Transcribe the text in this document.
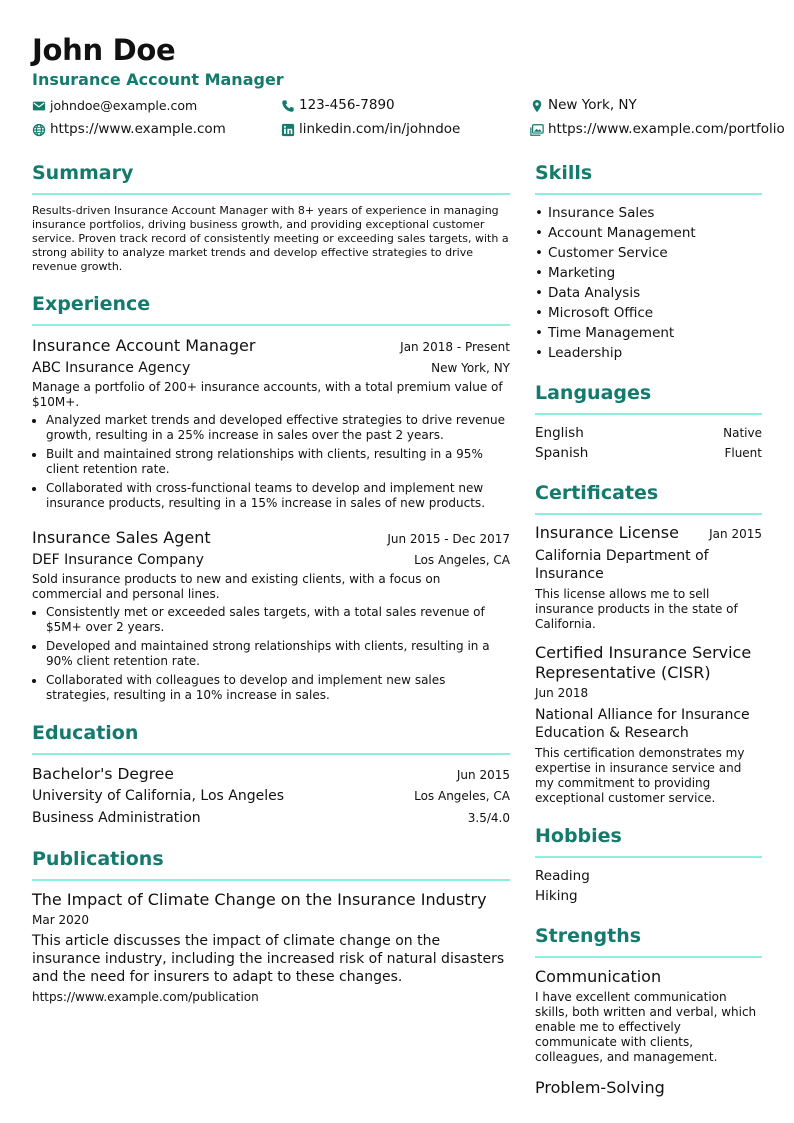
John Doe
Insurance Account Manager
johndoe@example.com	123-456-7890	New York, NY
https://www.example.com	linkedin.com/in/johndoe	https://www.example.com/portfolio
Summary
Results-driven Insurance Account Manager with 8+ years of experience in managing insurance portfolios, driving business growth, and providing exceptional customer service. Proven track record of consistently meeting or exceeding sales targets, with a strong ability to analyze market trends and develop effective strategies to drive revenue growth.
Experience
Insurance Account Manager	Jan 2018 - Present
ABC Insurance Agency	New York, NY
Manage a portfolio of 200+ insurance accounts, with a total premium value of $10M+.
• Analyzed market trends and developed effective strategies to drive revenue growth, resulting in a 25% increase in sales over the past 2 years.
• Built and maintained strong relationships with clients, resulting in a 95% client retention rate.
• Collaborated with cross-functional teams to develop and implement new insurance products, resulting in a 15% increase in sales of new products.
Insurance Sales Agent	Jun 2015 - Dec 2017
DEF Insurance Company	Los Angeles, CA
Sold insurance products to new and existing clients, with a focus on commercial and personal lines.
• Consistently met or exceeded sales targets, with a total sales revenue of $5M+ over 2 years.
• Developed and maintained strong relationships with clients, resulting in a 90% client retention rate.
• Collaborated with colleagues to develop and implement new sales strategies, resulting in a 10% increase in sales.
Education
Bachelor's Degree	Jun 2015
University of California, Los Angeles	Los Angeles, CA
Business Administration	3.5/4.0
Publications
The Impact of Climate Change on the Insurance Industry
Mar 2020
This article discusses the impact of climate change on the insurance industry, including the increased risk of natural disasters and the need for insurers to adapt to these changes.
https://www.example.com/publication
Skills
• Insurance Sales
• Account Management
• Customer Service
• Marketing
• Data Analysis
• Microsoft Office
• Time Management
• Leadership
Languages
English	Native
Spanish	Fluent
Certificates
Insurance License	Jan 2015
California Department of Insurance
This license allows me to sell insurance products in the state of California.
Certified Insurance Service Representative (CISR)
Jun 2018
National Alliance for Insurance Education & Research
This certification demonstrates my expertise in insurance service and my commitment to providing exceptional customer service.
Hobbies
Reading
Hiking
Strengths
Communication
I have excellent communication skills, both written and verbal, which enable me to effectively communicate with clients, colleagues, and management.
Problem-Solving
